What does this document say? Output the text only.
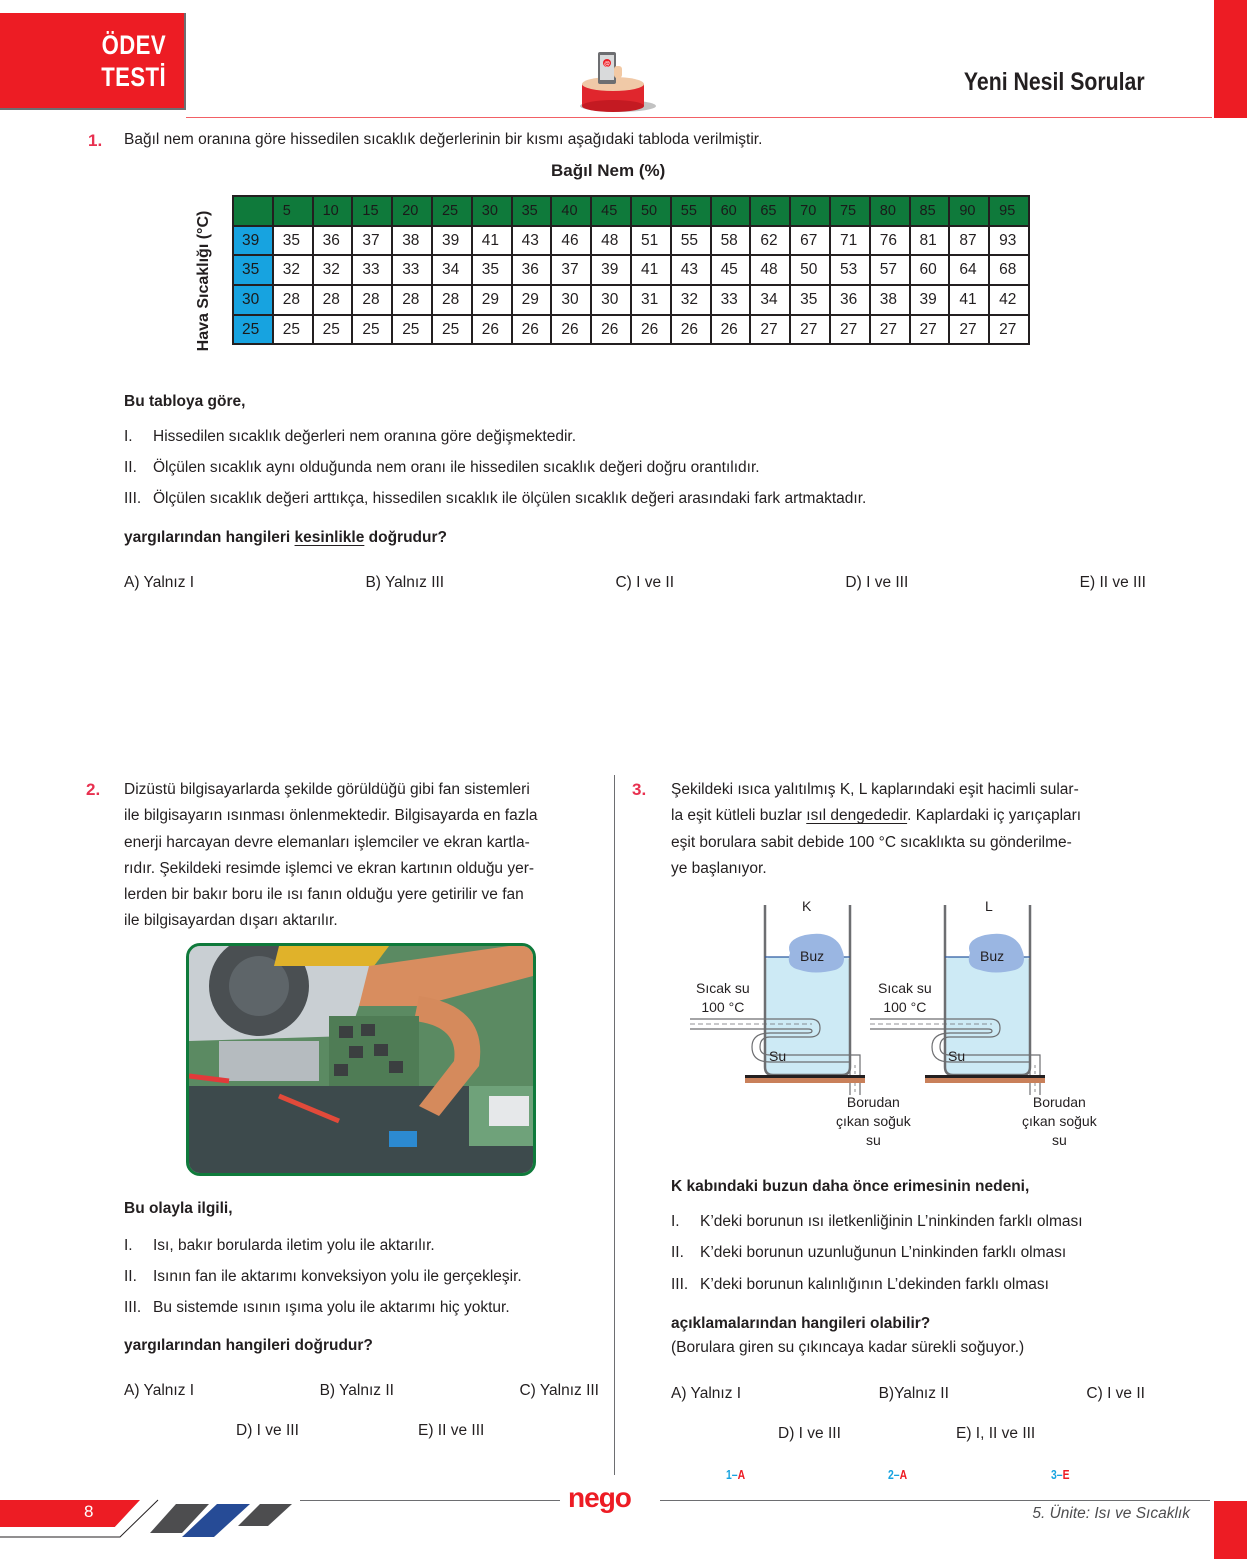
ÖDEV
TESTİ	@
Yeni Nesil Sorular
1. Bağıl nem oranına göre hissedilen sıcaklık değerlerinin bir kısmı aşağıdaki tabloda verilmiştir.
Bağıl Nem (%)
Hava Sıcaklığı (°C)
		5	10	15	20	25	30	35	40	45	50	55	60	65	70	75	80	85	90	95
39	35	36	37	38	39	41	43	46	48	51	55	58	62	67	71	76	81	87	93
35	32	32	33	33	34	35	36	37	39	41	43	45	48	50	53	57	60	64	68
30	28	28	28	28	28	29	29	30	30	31	32	33	34	35	36	38	39	41	42
25	25	25	25	25	25	26	26	26	26	26	26	26	27	27	27	27	27	27	27
Bu tabloya göre,
I. Hissedilen sıcaklık değerleri nem oranına göre değişmektedir.
II. Ölçülen sıcaklık aynı olduğunda nem oranı ile hissedilen sıcaklık değeri doğru orantılıdır.
III. Ölçülen sıcaklık değeri arttıkça, hissedilen sıcaklık ile ölçülen sıcaklık değeri arasındaki fark artmaktadır.
yargılarından hangileri kesinlikle doğrudur?
A) Yalnız I	B) Yalnız III	C) I ve II	D) I ve III	E) II ve III
2. Dizüstü bilgisayarlarda şekilde görüldüğü gibi fan sistemleri
ile bilgisayarın ısınması önlenmektedir. Bilgisayarda en fazla
enerji harcayan devre elemanları işlemciler ve ekran kartla-
rıdır. Şekildeki resimde işlemci ve ekran kartının olduğu yer-
lerden bir bakır boru ile ısı fanın olduğu yere getirilir ve fan
ile bilgisayardan dışarı aktarılır.
Bu olayla ilgili,
I. Isı, bakır borularda iletim yolu ile aktarılır.
II. Isının fan ile aktarımı konveksiyon yolu ile gerçekleşir.
III. Bu sistemde ısının ışıma yolu ile aktarımı hiç yoktur.
yargılarından hangileri doğrudur?
A) Yalnız I	B) Yalnız II	C) Yalnız III
D) I ve III	E) II ve III
3. Şekildeki ısıca yalıtılmış K, L kaplarındaki eşit hacimli sular-
la eşit kütleli buzlar ısıl dengededir. Kaplardaki iç yarıçapları
eşit borulara sabit debide 100 °C sıcaklıkta su gönderilme-
ye başlanıyor.
K
Buz
Sıcak su
100 °C
Su
Borudan
çıkan soğuk
su
L
Buz
Sıcak su
100 °C
Su
Borudan
çıkan soğuk
su
K kabındaki buzun daha önce erimesinin nedeni,
I. K’deki borunun ısı iletkenliğinin L’ninkinden farklı olması
II. K’deki borunun uzunluğunun L’ninkinden farklı olması
III. K’deki borunun kalınlığının L’dekinden farklı olması
açıklamalarından hangileri olabilir?
(Borulara giren su çıkıncaya kadar sürekli soğuyor.)
A) Yalnız I	B)Yalnız II	C) I ve II
D) I ve III	E) I, II ve III
1–A	2–A	3–E
8	nego
5. Ünite: Isı ve Sıcaklık
